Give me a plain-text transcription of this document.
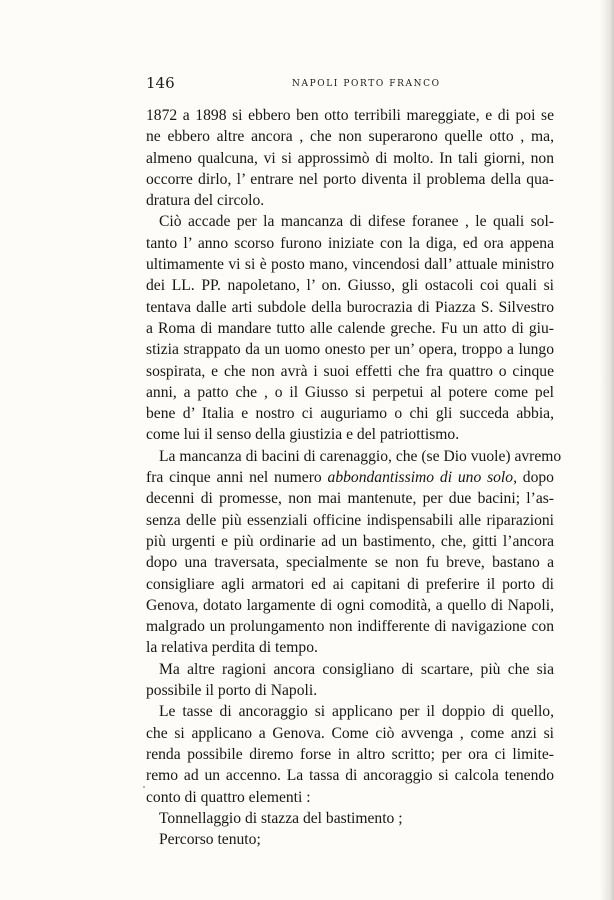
146	NAPOLI PORTO FRANCO
1872 a 1898 si ebbero ben otto terribili mareggiate, e di poi se
ne ebbero altre ancora , che non superarono quelle otto , ma,
almeno qualcuna, vi si approssimò di molto. In tali giorni, non
occorre dirlo, l’ entrare nel porto diventa il problema della qua-
dratura del circolo.
Ciò accade per la mancanza di difese foranee , le quali sol-
tanto l’ anno scorso furono iniziate con la diga, ed ora appena
ultimamente vi si è posto mano, vincendosi dall’ attuale ministro
dei LL. PP. napoletano, l’ on. Giusso, gli ostacoli coi quali si
tentava dalle arti subdole della burocrazia di Piazza S. Silvestro
a Roma di mandare tutto alle calende greche. Fu un atto di giu-
stizia strappato da un uomo onesto per un’ opera, troppo a lungo
sospirata, e che non avrà i suoi effetti che fra quattro o cinque
anni, a patto che , o il Giusso si perpetui al potere come pel
bene d’ Italia e nostro ci auguriamo o chi gli succeda abbia,
come lui il senso della giustizia e del patriottismo.
La mancanza di bacini di carenaggio, che (se Dio vuole) avremo
fra cinque anni nel numero abbondantissimo di uno solo, dopo
decenni di promesse, non mai mantenute, per due bacini; l’as-
senza delle più essenziali officine indispensabili alle riparazioni
più urgenti e più ordinarie ad un bastimento, che, gitti l’ancora
dopo una traversata, specialmente se non fu breve, bastano a
consigliare agli armatori ed ai capitani di preferire il porto di
Genova, dotato largamente di ogni comodità, a quello di Napoli,
malgrado un prolungamento non indifferente di navigazione con
la relativa perdita di tempo.
Ma altre ragioni ancora consigliano di scartare, più che sia
possibile il porto di Napoli.
Le tasse di ancoraggio si applicano per il doppio di quello,
che si applicano a Genova. Come ciò avvenga , come anzi si
renda possibile diremo forse in altro scritto; per ora ci limite-
remo ad un accenno. La tassa di ancoraggio si calcola tenendo
conto di quattro elementi :
Tonnellaggio di stazza del bastimento ;
Percorso tenuto;
